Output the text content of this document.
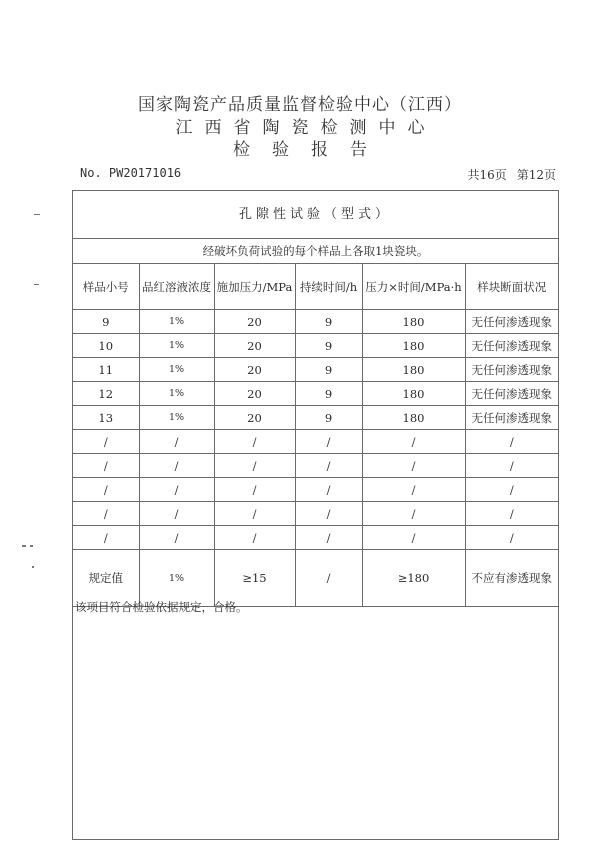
国家陶瓷产品质量监督检验中心（江西）
江西省陶瓷检测中心
检验报告
No. PW20171016	共16页 第12页
孔隙性试验（型式）
经破坏负荷试验的每个样品上各取1块瓷块。
样品小号	品红溶液浓度	施加压力/MPa	持续时间/h	压力×时间/MPa·h	样块断面状况
9	1%	20	9	180	无任何渗透现象
10	1%	20	9	180	无任何渗透现象
11	1%	20	9	180	无任何渗透现象
12	1%	20	9	180	无任何渗透现象
13	1%	20	9	180	无任何渗透现象
/	/	/	/	/	/
/	/	/	/	/	/
/	/	/	/	/	/
/	/	/	/	/	/
/	/	/	/	/	/
规定值	1%	≥15	/	≥180	不应有渗透现象
该项目符合检验依据规定，合格。
